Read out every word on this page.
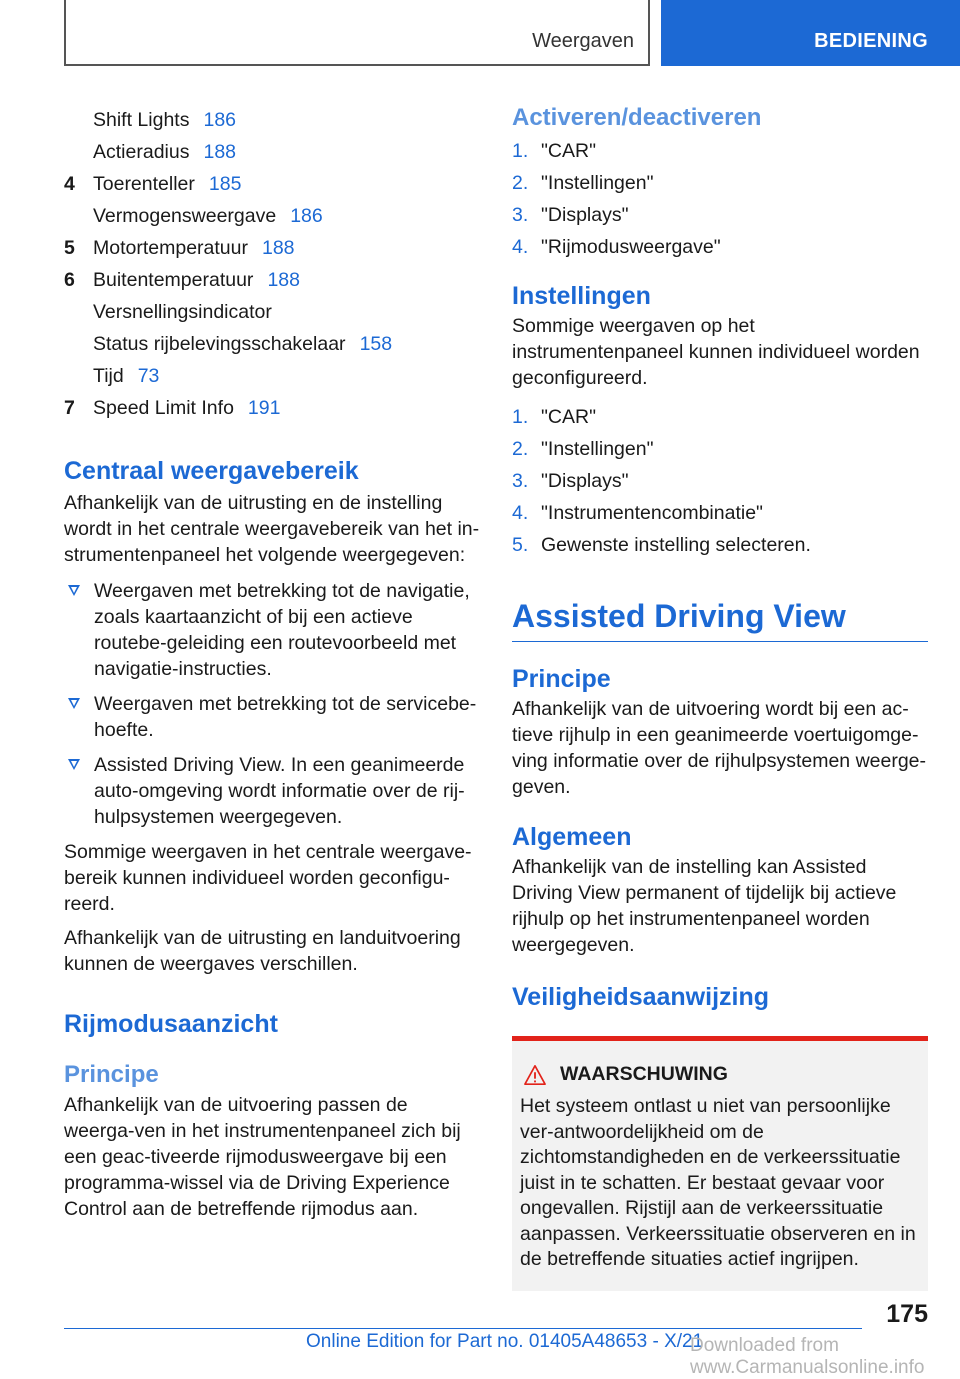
Weergaven	BEDIENING
Shift Lights 186
Actieradius 188
4 Toerenteller 185
Vermogensweergave 186
5 Motortemperatuur 188
6 Buitentemperatuur 188
Versnellingsindicator
Status rijbelevingsschakelaar 158
Tijd 73
7 Speed Limit Info 191
Centraal weergavebereik

Afhankelijk van de uitrusting en de instelling wordt in het centrale weergavebereik van het in-strumentenpaneel het volgende weergegeven:

Weergaven met betrekking tot de navigatie, zoals kaartaanzicht of bij een actieve routebe-geleiding een routevoorbeeld met navigatie-instructies.
Weergaven met betrekking tot de servicebe-hoefte.
Assisted Driving View. In een geanimeerde auto-omgeving wordt informatie over de rij-hulpsystemen weergegeven.

Sommige weergaven in het centrale weergave-bereik kunnen individueel worden geconfigu-reerd.

Afhankelijk van de uitrusting en landuitvoering kunnen de weergaves verschillen.

Rijmodusaanzicht
Principe

Afhankelijk van de uitvoering passen de weerga-ven in het instrumentenpaneel zich bij een geac-tiveerde rijmodusweergave bij een programma-wissel via de Driving Experience Control aan de betreffende rijmodus aan.

Activeren/deactiveren
1. "CAR"
2. "Instellingen"
3. "Displays"
4. "Rijmodusweergave"
Instellingen

Sommige weergaven op het instrumentenpaneel kunnen individueel worden geconfigureerd.

1. "CAR"
2. "Instellingen"
3. "Displays"
4. "Instrumentencombinatie"
5. Gewenste instelling selecteren.
Assisted Driving View
Principe

Afhankelijk van de uitvoering wordt bij een ac-tieve rijhulp in een geanimeerde voertuigomge-ving informatie over de rijhulpsystemen weerge-geven.

Algemeen

Afhankelijk van de instelling kan Assisted Driving View permanent of tijdelijk bij actieve rijhulp op het instrumentenpaneel worden weergegeven.

Veiligheidsaanwijzing
WAARSCHUWING

Het systeem ontlast u niet van persoonlijke ver-antwoordelijkheid om de zichtomstandigheden en de verkeerssituatie juist in te schatten. Er bestaat gevaar voor ongevallen. Rijstijl aan de verkeerssituatie aanpassen. Verkeerssituatie observeren en in de betreffende situaties actief ingrijpen.

175
Online Edition for Part no. 01405A48653 - X/21
Downloaded from www.Carmanualsonline.info
